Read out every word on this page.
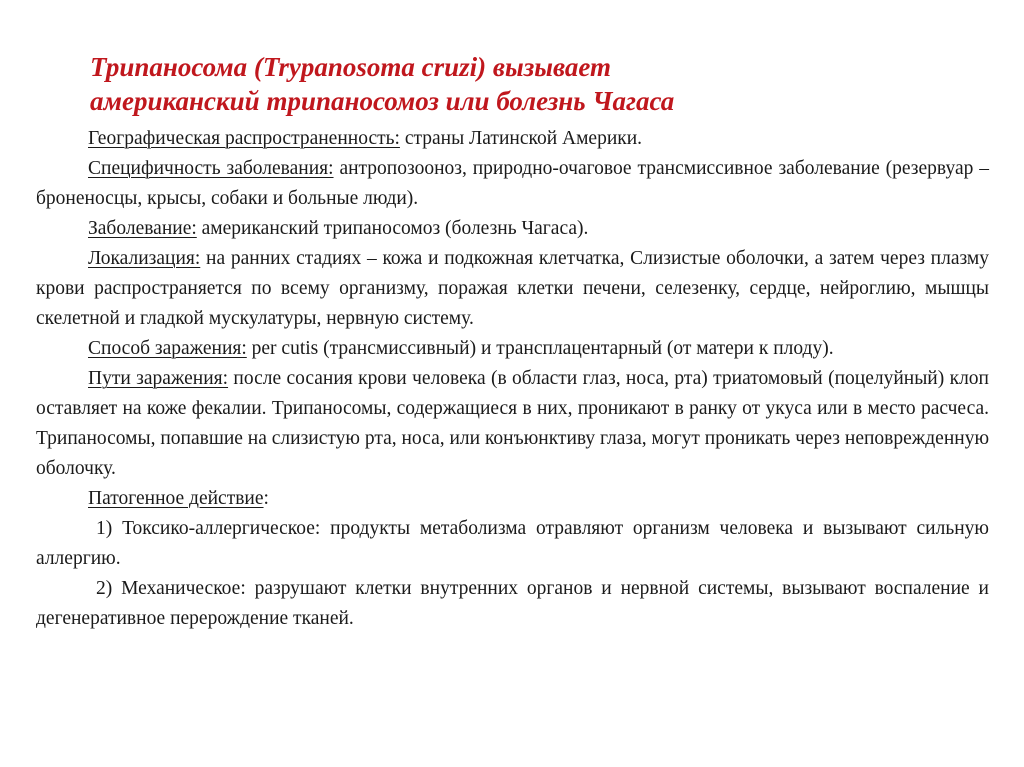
Трипаносома (Trypanosoma cruzi) вызывает
американский трипаносомоз или болезнь Чагаса

Географическая распространенность: страны Латинской Америки.

Специфичность заболевания: антропозооноз, природно-очаговое трансмиссивное заболевание (резервуар – броненосцы, крысы, собаки и больные люди).

Заболевание: американский трипаносомоз (болезнь Чагаса).

Локализация: на ранних стадиях – кожа и подкожная клетчатка, Слизистые оболочки, а затем через плазму крови распространяется по всему организму, поражая клетки печени, селезенку, сердце, нейроглию, мышцы скелетной и гладкой мускулатуры, нервную систему.

Способ заражения: per cutis (трансмиссивный) и трансплацентарный (от матери к плоду).

Пути заражения: после сосания крови человека (в области глаз, носа, рта) триатомовый (поцелуйный) клоп оставляет на коже фекалии. Трипаносомы, содержащиеся в них, проникают в ранку от укуса или в место расчеса. Трипаносомы, попавшие на слизистую рта, носа, или конъюнктиву глаза, могут проникать через неповрежденную оболочку.

Патогенное действие:

1) Токсико-аллергическое: продукты метаболизма отравляют организм человека и вызывают сильную аллергию.

2) Механическое: разрушают клетки внутренних органов и нервной системы, вызывают воспаление и дегенеративное перерождение тканей.
